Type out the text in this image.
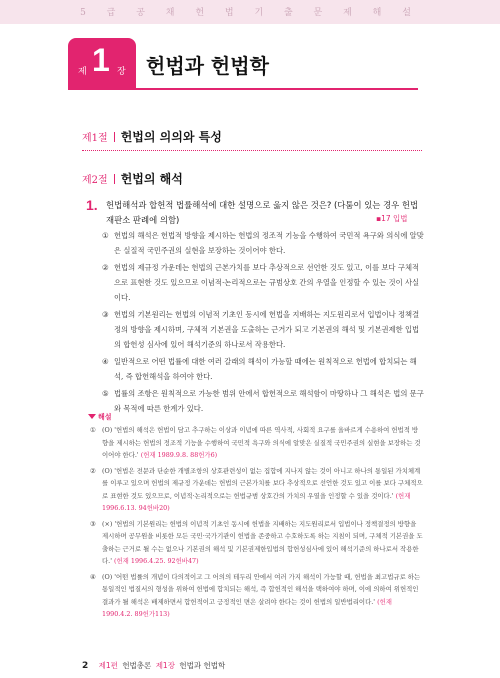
5 급 공 채 헌 법 기 출 문 제 해 설
제 1 장 헌법과 헌법학
제1절 헌법의 의의와 특성
제2절 헌법의 해석
1. 헌법해석과 합헌적 법률해석에 대한 설명으로 옳지 않은 것은? (다툼이 있는 경우 헌법재판소 판례에 의함)	▪17 입법
① 헌법의 해석은 헌법적 방향을 제시하는 헌법의 정조적 기능을 수행하여 국민적 욕구와 의식에 알맞은 실질적 국민주권의 실현을 보장하는 것이어야 한다.
② 헌법의 제규정 가운데는 헌법의 근본가치를 보다 추상적으로 선언한 것도 있고, 이를 보다 구체적으로 표현한 것도 있으므로 이념적·논리적으로는 규범상호 간의 우열을 인정할 수 있는 것이 사실이다.
③ 헌법의 기본원리는 헌법의 이념적 기초인 동시에 헌법을 지배하는 지도원리로서 입법이나 정책결정의 방향을 제시하며, 구체적 기본권을 도출하는 근거가 되고 기본권의 해석 및 기본권제한 입법의 합헌성 심사에 있어 해석기준의 하나로서 작용한다.
④ 일반적으로 어떤 법률에 대한 여러 갈래의 해석이 가능할 때에는 원칙적으로 헌법에 합치되는 해석, 즉 합헌해석을 하여야 한다.
⑤ 법률의 조항은 원칙적으로 가능한 범위 안에서 합헌적으로 해석함이 마땅하나 그 해석은 법의 문구와 목적에 따른 한계가 있다.
해설
① (O) '헌법의 해석은 헌법이 담고 추구하는 이상과 이념에 따른 역사적, 사회적 요구를 올바르게 수용하여 헌법적 방향을 제시하는 헌법의 정조적 기능을 수행하여 국민적 욕구와 의식에 알맞은 실질적 국민주권의 실현을 보장하는 것이어야 한다.' (헌재 1989.9.8. 88헌가6)
② (O) '헌법은 전문과 단순한 개별조항의 상호관련성이 없는 집합에 지나지 않는 것이 아니고 하나의 통일된 가치체계를 이루고 있으며 헌법의 제규정 가운데는 헌법의 근본가치를 보다 추상적으로 선언한 것도 있고 이를 보다 구체적으로 표현한 것도 있으므로, 이념적·논리적으로는 헌법규범 상호간의 가치의 우열을 인정할 수 있을 것이다.' (헌재 1996.6.13. 94헌바20)
③ (×) '헌법의 기본원리는 헌법의 이념적 기초인 동시에 헌법을 지배하는 지도원리로서 입법이나 정책결정의 방향을 제시하며 공무원을 비롯한 모든 국민·국가기관이 헌법을 존중하고 수호하도록 하는 지침이 되며, 구체적 기본권을 도출하는 근거로 될 수는 없으나 기본권의 해석 및 기본권제한입법의 합헌성심사에 있어 해석기준의 하나로서 작용한다.' (헌재 1996.4.25. 92헌바47)
④ (O) '어떤 법률의 개념이 다의적이고 그 어의의 테두리 안에서 여러 가지 해석이 가능할 때, 헌법을 최고법규로 하는 통일적인 법질서의 형성을 위하여 헌법에 합치되는 해석, 즉 합헌적인 해석을 택하여야 하며, 이에 의하여 위헌적인 결과가 될 해석은 배제하면서 합헌적이고 긍정적인 면은 살려야 한다는 것이 헌법의 일반법리이다.' (헌재 1990.4.2. 89헌가113)
2 제1편 헌법총론 제1장 헌법과 헌법학
